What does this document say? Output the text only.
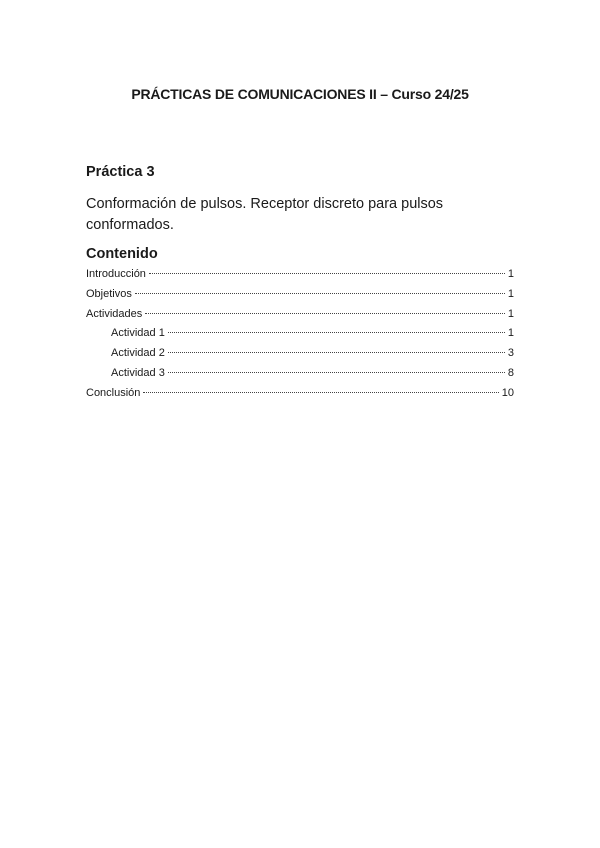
PRÁCTICAS DE COMUNICACIONES II – Curso 24/25
Práctica 3
Conformación de pulsos. Receptor discreto para pulsos conformados.
Contenido
Introducción	1
Objetivos	1
Actividades	1
Actividad 1	1
Actividad 2	3
Actividad 3	8
Conclusión	10
